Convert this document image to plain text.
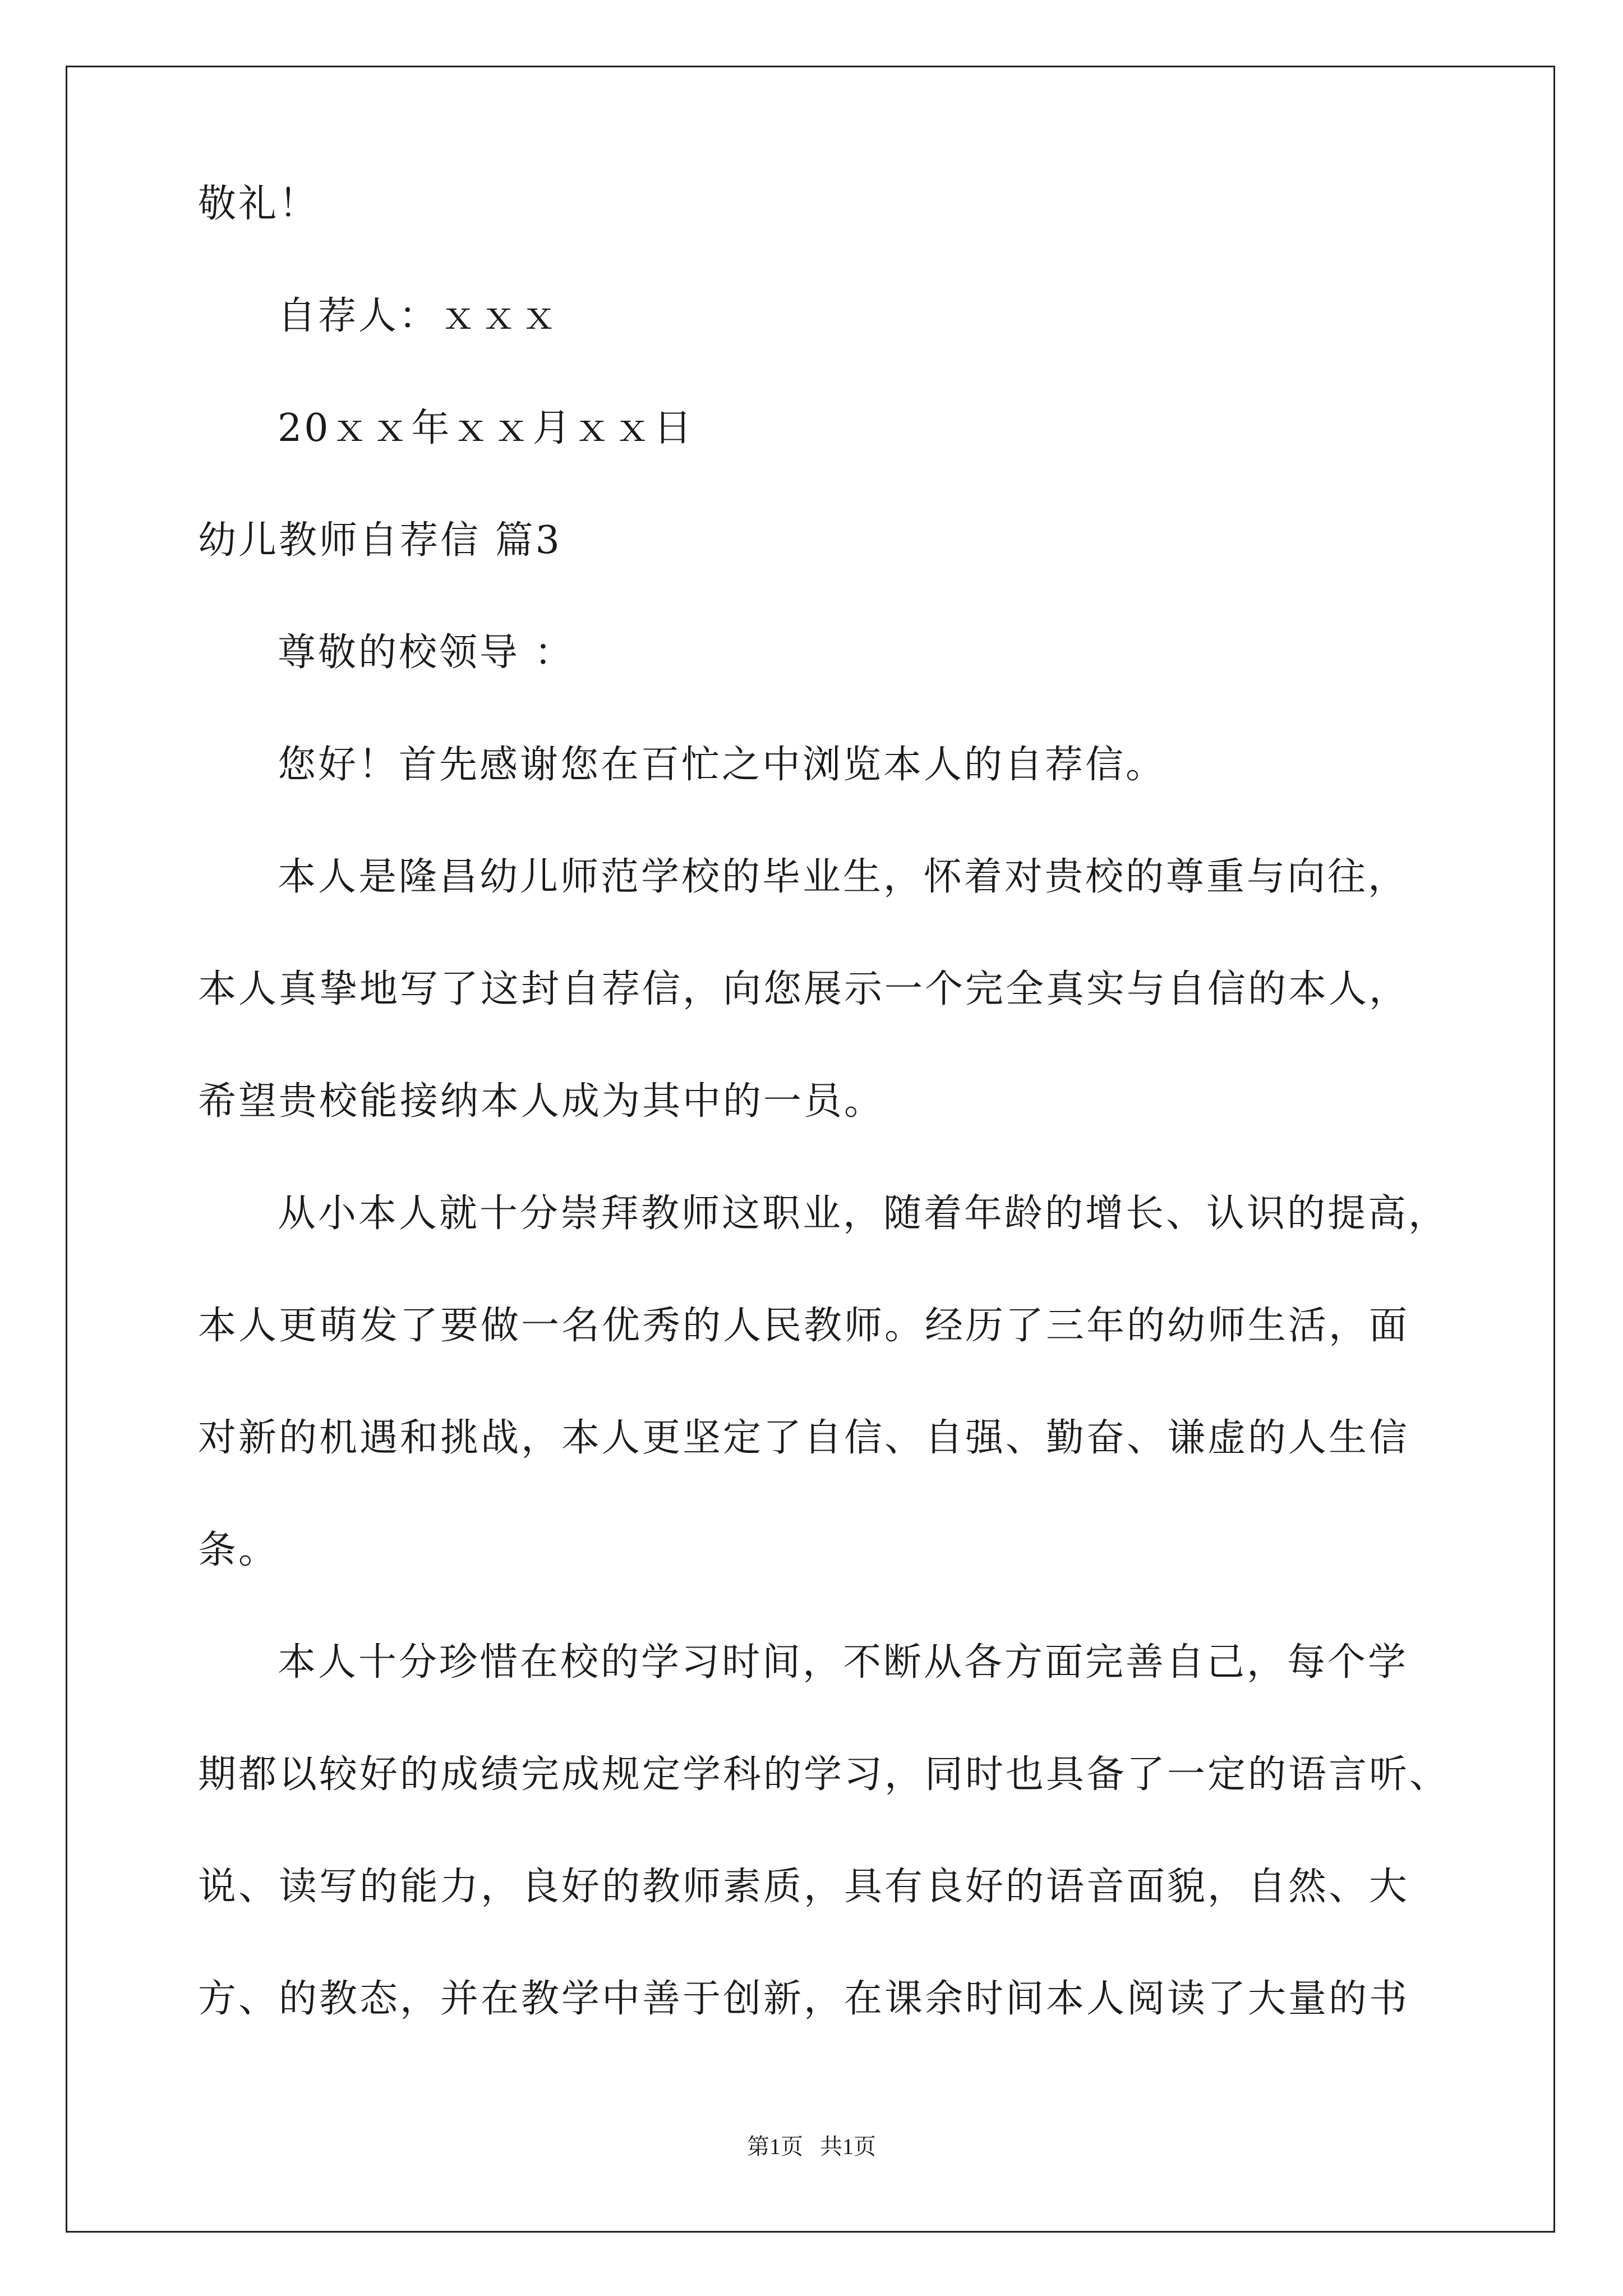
敬礼！
自荐人：ｘｘｘ
20ｘｘ年ｘｘ月ｘｘ日
幼儿教师自荐信 篇3
尊敬的校领导 ：
您好！首先感谢您在百忙之中浏览本人的自荐信。
本人是隆昌幼儿师范学校的毕业生，怀着对贵校的尊重与向往，
本人真挚地写了这封自荐信，向您展示一个完全真实与自信的本人，
希望贵校能接纳本人成为其中的一员。
从小本人就十分崇拜教师这职业，随着年龄的增长、认识的提高，
本人更萌发了要做一名优秀的人民教师。经历了三年的幼师生活，面
对新的机遇和挑战，本人更坚定了自信、自强、勤奋、谦虚的人生信
条。
本人十分珍惜在校的学习时间，不断从各方面完善自己，每个学
期都以较好的成绩完成规定学科的学习，同时也具备了一定的语言听、
说、读写的能力，良好的教师素质，具有良好的语音面貌，自然、大
方、的教态，并在教学中善于创新，在课余时间本人阅读了大量的书
第1页   共1页
